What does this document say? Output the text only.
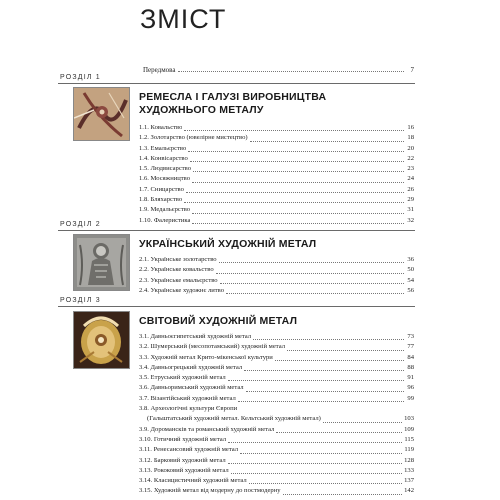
ЗМІСТ
Передмова	7
РОЗДІЛ 1
РЕМЕСЛА І ГАЛУЗІ ВИРОБНИЦТВА
ХУДОЖНЬОГО МЕТАЛУ
1.1. Ковальство	16
1.2. Золотарство (ювелірне мистецтво)	18
1.3. Емальєрство	20
1.4. Конвісарство	22
1.5. Людвисарство	23
1.6. Мосяжництво	24
1.7. Сницарство	26
1.8. Бляхарство	29
1.9. Медальєрство	31
1.10. Фалеристика	32
РОЗДІЛ 2
УКРАЇНСЬКИЙ ХУДОЖНІЙ МЕТАЛ
2.1. Українське золотарство	36
2.2. Українське ковальство	50
2.3. Українське емальєрство	54
2.4. Українське художнє литво	56
РОЗДІЛ 3
СВІТОВИЙ ХУДОЖНІЙ МЕТАЛ
3.1. Давньоєгипетський художній метал	73
3.2. Шумерський (месопотамський) художній метал	77
3.3. Художній метал Крито-мікенської культури	84
3.4. Давньогрецький художній метал	88
3.5. Етруський художній метал	91
3.6. Давньоримський художній метал	96
3.7. Візантійський художній метал	99
3.8. Археологічні культури Європи
(Гальштатський художній метал. Кельтський художній метал)	103
3.9. Доромансків та романський художній метал	109
3.10. Готичний художній метал	115
3.11. Ренесансовий художній метал	119
3.12. Барковий художній метал	128
3.13. Рококовий художній метал	133
3.14. Класицистичний художній метал	137
3.15. Художній метал від модерну до постмодерну	142
